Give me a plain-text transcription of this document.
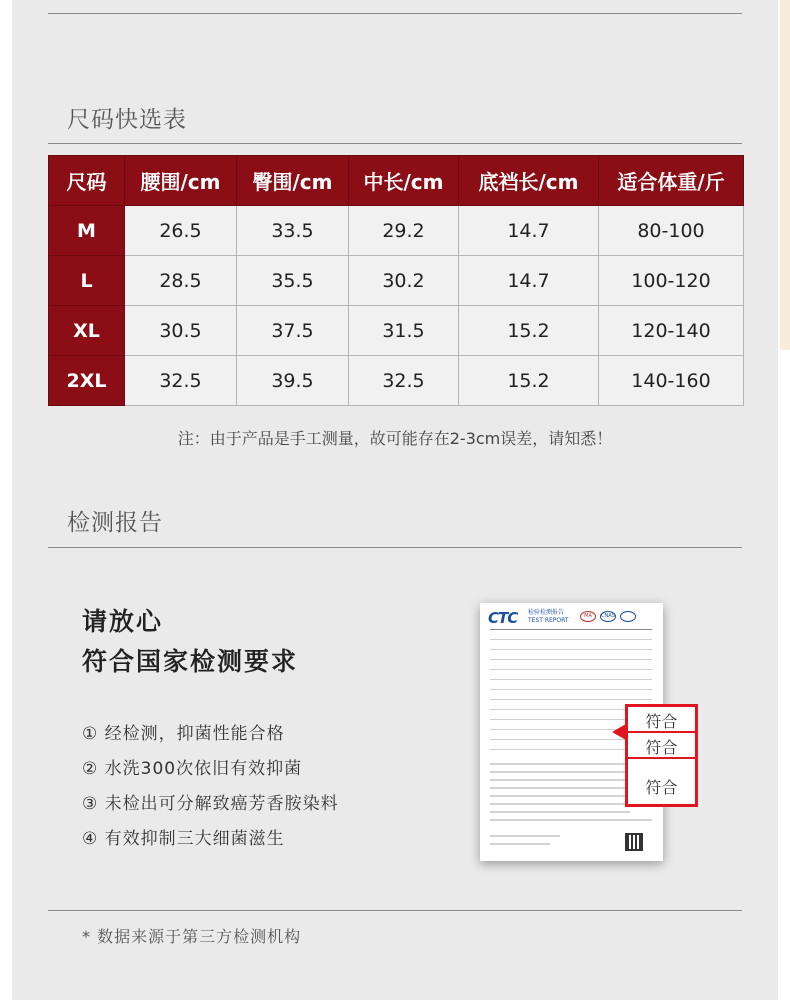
尺码快选表
尺码	腰围/cm	臀围/cm	中长/cm	底裆长/cm	适合体重/斤
M	26.5	33.5	29.2	14.7	80-100
L	28.5	35.5	30.2	14.7	100-120
XL	30.5	37.5	31.5	15.2	120-140
2XL	32.5	39.5	32.5	15.2	140-160
注：由于产品是手工测量，故可能存在2-3cm误差，请知悉！
检测报告
请放心
符合国家检测要求
① 经检测，抑菌性能合格
② 水洗300次依旧有效抑菌
③ 未检出可分解致癌芳香胺染料
④ 有效抑制三大细菌滋生
CTC 检验检测报告
TEST REPORT
MA	CNAS
符合
符合
符合
* 数据来源于第三方检测机构
